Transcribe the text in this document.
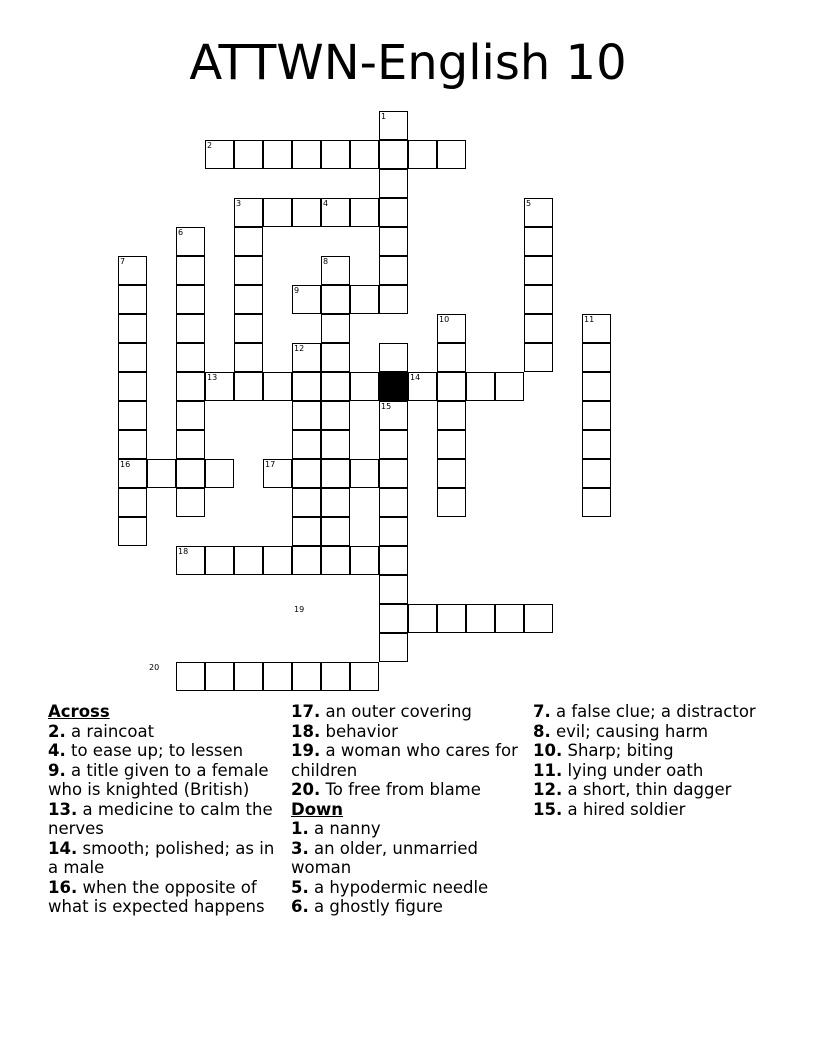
ATTWN-English 10
1
2
3	4	5
6
7	8
9
10	11
12
13	14
15
16	17
18
19
20
Across
2. a raincoat
4. to ease up; to lessen
9. a title given to a female who is knighted (British)
13. a medicine to calm the nerves
14. smooth; polished; as in a male
16. when the opposite of what is expected happens
17. an outer covering
18. behavior
19. a woman who cares for children
20. To free from blame
Down
1. a nanny
3. an older, unmarried woman
5. a hypodermic needle
6. a ghostly figure
7. a false clue; a distractor
8. evil; causing harm
10. Sharp; biting
11. lying under oath
12. a short, thin dagger
15. a hired soldier
